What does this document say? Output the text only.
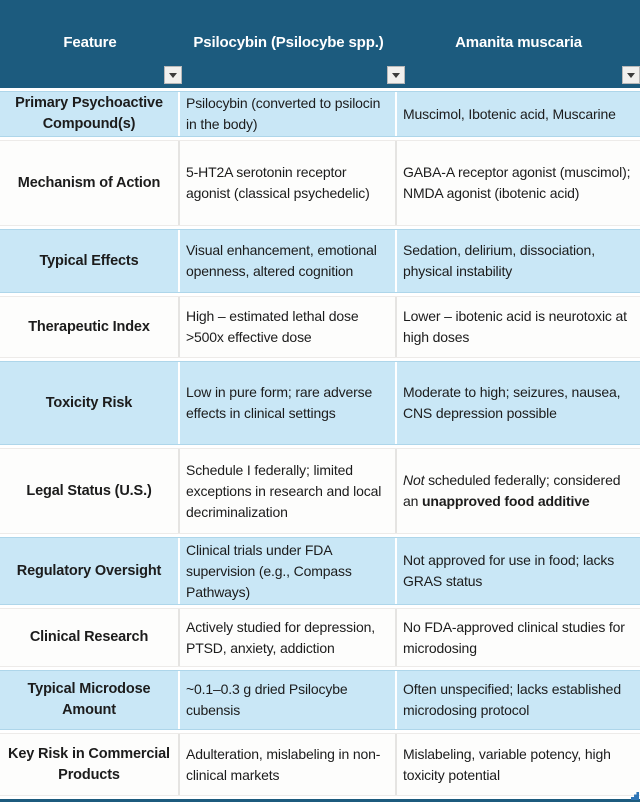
Feature	Psilocybin (Psilocybe spp.)	Amanita muscaria
Primary Psychoactive Compound(s)
Psilocybin (converted to psilocin in the body)
Muscimol, Ibotenic acid, Muscarine
Mechanism of Action
5-HT2A serotonin receptor agonist (classical psychedelic)
GABA-A receptor agonist (muscimol); NMDA agonist (ibotenic acid)
Typical Effects
Visual enhancement, emotional openness, altered cognition
Sedation, delirium, dissociation, physical instability
Therapeutic Index
High – estimated lethal dose >500x effective dose
Lower – ibotenic acid is neurotoxic at high doses
Toxicity Risk
Low in pure form; rare adverse effects in clinical settings
Moderate to high; seizures, nausea, CNS depression possible
Legal Status (U.S.)
Schedule I federally; limited exceptions in research and local decriminalization
Not scheduled federally; considered an unapproved food additive
Regulatory Oversight
Clinical trials under FDA supervision (e.g., Compass Pathways)
Not approved for use in food; lacks GRAS status
Clinical Research
Actively studied for depression, PTSD, anxiety, addiction
No FDA-approved clinical studies for microdosing
Typical Microdose Amount
~0.1–0.3 g dried Psilocybe cubensis
Often unspecified; lacks established microdosing protocol
Key Risk in Commercial Products
Adulteration, mislabeling in non-clinical markets
Mislabeling, variable potency, high toxicity potential
